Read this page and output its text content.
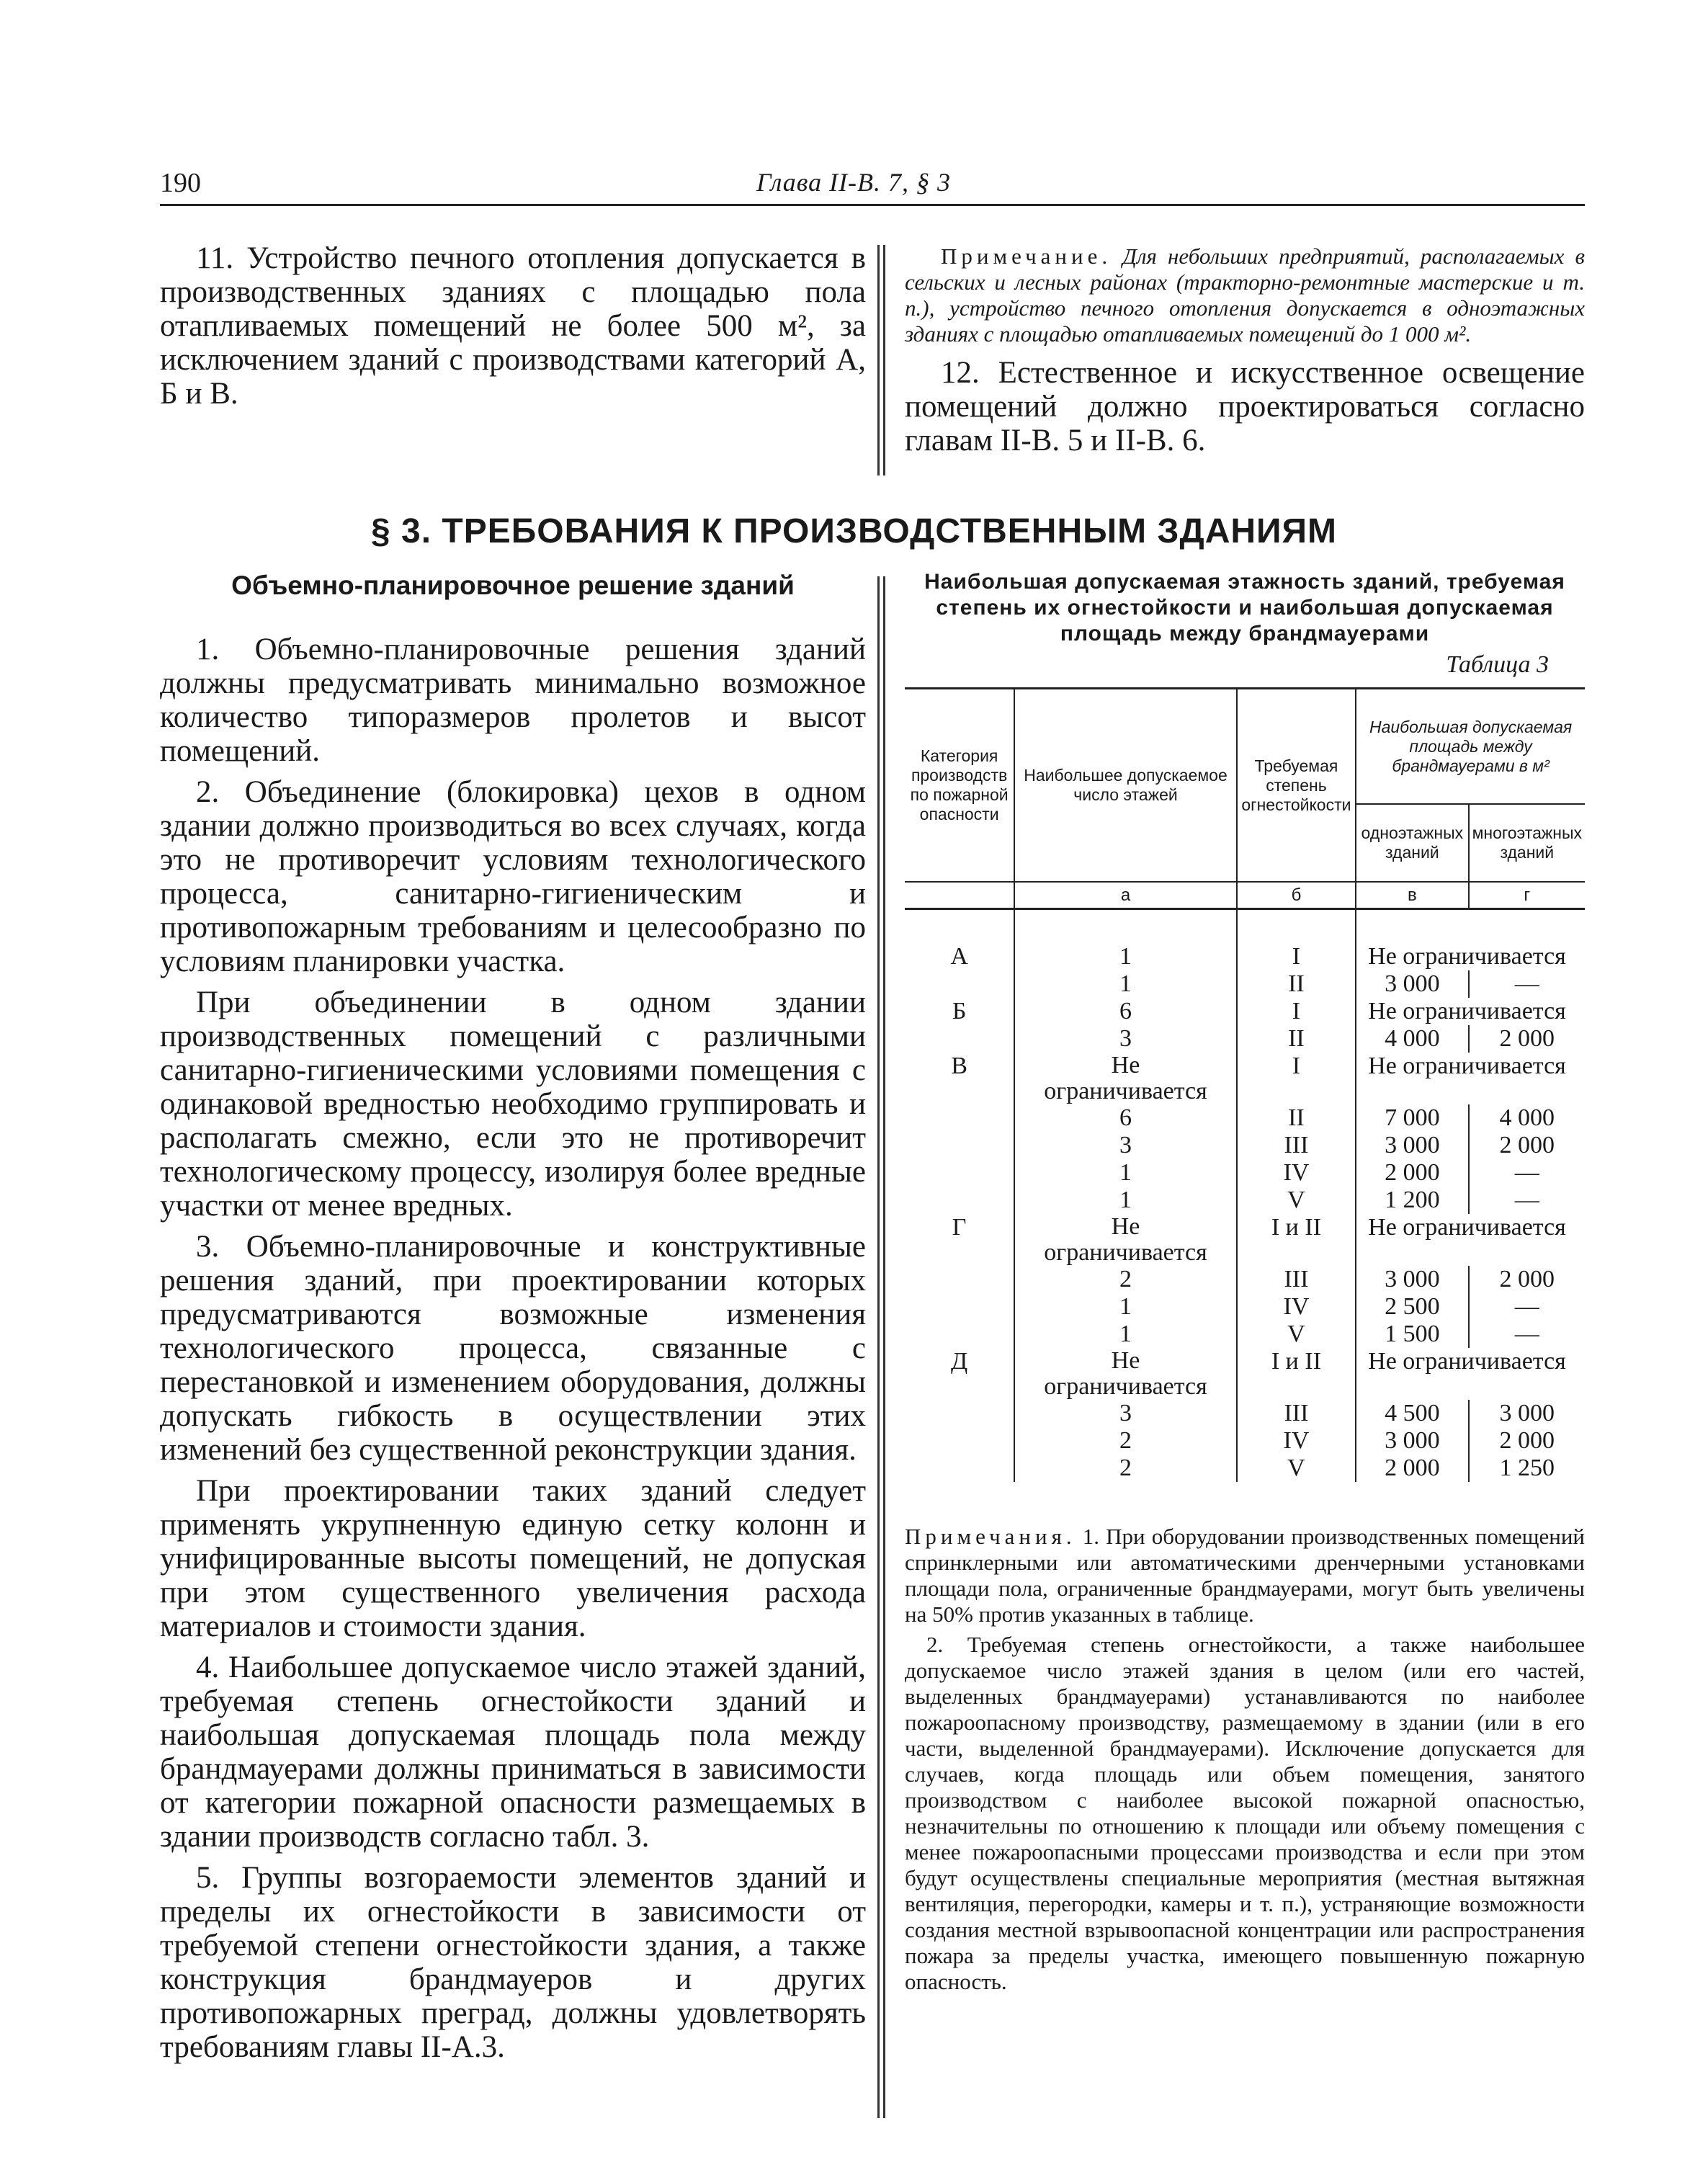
190	Глава II-В. 7, § 3

11. Устройство печного отопления допускается в производственных зданиях с площадью пола отапливаемых помещений не более 500 м², за исключением зданий с производствами категорий А, Б и В.

Примечание. Для небольших предприятий, располагаемых в сельских и лесных районах (тракторно-ремонтные мастерские и т. п.), устройство печного отопления допускается в одноэтажных зданиях с площадью отапливаемых помещений до 1 000 м².

12. Естественное и искусственное освещение помещений должно проектироваться согласно главам II-В. 5 и II-В. 6.

§ 3. ТРЕБОВАНИЯ К ПРОИЗВОДСТВЕННЫМ ЗДАНИЯМ
Объемно-планировочное решение зданий

1. Объемно-планировочные решения зданий должны предусматривать минимально возможное количество типоразмеров пролетов и высот помещений.

2. Объединение (блокировка) цехов в одном здании должно производиться во всех случаях, когда это не противоречит условиям технологического процесса, санитарно-гигиеническим и противопожарным требованиям и целесообразно по условиям планировки участка.

При объединении в одном здании производственных помещений с различными санитарно-гигиеническими условиями помещения с одинаковой вредностью необходимо группировать и располагать смежно, если это не противоречит технологическому процессу, изолируя более вредные участки от менее вредных.

3. Объемно-планировочные и конструктивные решения зданий, при проектировании которых предусматриваются возможные изменения технологического процесса, связанные с перестановкой и изменением оборудования, должны допускать гибкость в осуществлении этих изменений без существенной реконструкции здания.

При проектировании таких зданий следует применять укрупненную единую сетку колонн и унифицированные высоты помещений, не допуская при этом существенного увеличения расхода материалов и стоимости здания.

4. Наибольшее допускаемое число этажей зданий, требуемая степень огнестойкости зданий и наибольшая допускаемая площадь пола между брандмауерами должны приниматься в зависимости от категории пожарной опасности размещаемых в здании производств согласно табл. 3.

5. Группы возгораемости элементов зданий и пределы их огнестойкости в зависимости от требуемой степени огнестойкости здания, а также конструкция брандмауеров и других противопожарных преград, должны удовлетворять требованиям главы II-А.3.

Наибольшая допускаемая этажность зданий, требуемая степень их огнестойкости и наибольшая допускаемая площадь между брандмауерами
Таблица 3
Категория производств по пожарной опасности	Наибольшее допускаемое число этажей	Требуемая степень огнестойкости	Наибольшая допускаемая площадь между брандмауерами в м²	
			одноэтажных зданий	многоэтажных зданий
	а	б	в	г

А	1	I	Не ограничивается	
	1	II	3 000	—
Б	6	I	Не ограничивается	
	3	II	4 000	2 000
В	Не ограничивается	I	Не ограничивается	
	6	II	7 000	4 000
	3	III	3 000	2 000
	1	IV	2 000	—
	1	V	1 200	—
Г	Не ограничивается	I и II	Не ограничивается	
	2	III	3 000	2 000
	1	IV	2 500	—
	1	V	1 500	—
Д	Не ограничивается	I и II	Не ограничивается	
	3	III	4 500	3 000
	2	IV	3 000	2 000
	2	V	2 000	1 250

Примечания. 1. При оборудовании производственных помещений спринклерными или автоматическими дренчерными установками площади пола, ограниченные брандмауерами, могут быть увеличены на 50% против указанных в таблице.

2. Требуемая степень огнестойкости, а также наибольшее допускаемое число этажей здания в целом (или его частей, выделенных брандмауерами) устанавливаются по наиболее пожароопасному производству, размещаемому в здании (или в его части, выделенной брандмауерами). Исключение допускается для случаев, когда площадь или объем помещения, занятого производством с наиболее высокой пожарной опасностью, незначительны по отношению к площади или объему помещения с менее пожароопасными процессами производства и если при этом будут осуществлены специальные мероприятия (местная вытяжная вентиляция, перегородки, камеры и т. п.), устраняющие возможности создания местной взрывоопасной концентрации или распространения пожара за пределы участка, имеющего повышенную пожарную опасность.
